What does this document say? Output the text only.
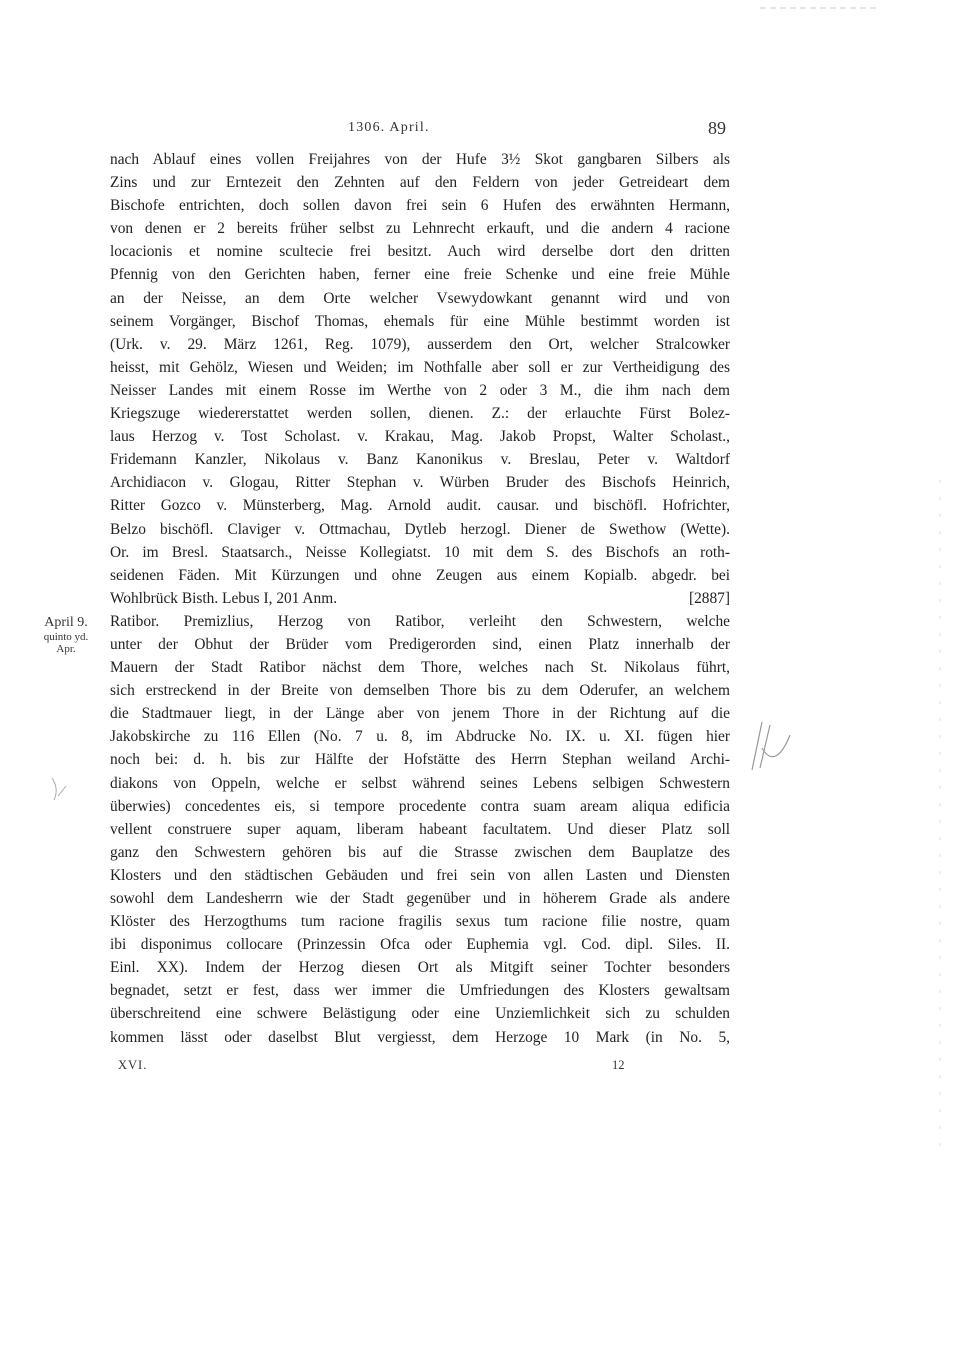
1306. April.	89
April 9.
quinto yd.
Apr.
nach Ablauf eines vollen Freijahres von der Hufe 3½ Skot gangbaren Silbers als
Zins und zur Erntezeit den Zehnten auf den Feldern von jeder Getreideart dem
Bischofe entrichten, doch sollen davon frei sein 6 Hufen des erwähnten Hermann,
von denen er 2 bereits früher selbst zu Lehnrecht erkauft, und die andern 4 racione
locacionis et nomine scultecie frei besitzt. Auch wird derselbe dort den dritten
Pfennig von den Gerichten haben, ferner eine freie Schenke und eine freie Mühle
an der Neisse, an dem Orte welcher Vsewydowkant genannt wird und von
seinem Vorgänger, Bischof Thomas, ehemals für eine Mühle bestimmt worden ist
(Urk. v. 29. März 1261, Reg. 1079), ausserdem den Ort, welcher Stralcowker
heisst, mit Gehölz, Wiesen und Weiden; im Nothfalle aber soll er zur Vertheidigung des
Neisser Landes mit einem Rosse im Werthe von 2 oder 3 M., die ihm nach dem
Kriegszuge wiedererstattet werden sollen, dienen. Z.: der erlauchte Fürst Bolez-
laus Herzog v. Tost Scholast. v. Krakau, Mag. Jakob Propst, Walter Scholast.,
Fridemann Kanzler, Nikolaus v. Banz Kanonikus v. Breslau, Peter v. Waltdorf
Archidiacon v. Glogau, Ritter Stephan v. Würben Bruder des Bischofs Heinrich,
Ritter Gozco v. Münsterberg, Mag. Arnold audit. causar. und bischöfl. Hofrichter,
Belzo bischöfl. Claviger v. Ottmachau, Dytleb herzogl. Diener de Swethow (Wette).
Or. im Bresl. Staatsarch., Neisse Kollegiatst. 10 mit dem S. des Bischofs an roth-
seidenen Fäden. Mit Kürzungen und ohne Zeugen aus einem Kopialb. abgedr. bei
Wohlbrück Bisth. Lebus I, 201 Anm.	[2887]
Ratibor. Premizlius, Herzog von Ratibor, verleiht den Schwestern, welche
unter der Obhut der Brüder vom Predigerorden sind, einen Platz innerhalb der
Mauern der Stadt Ratibor nächst dem Thore, welches nach St. Nikolaus führt,
sich erstreckend in der Breite von demselben Thore bis zu dem Oderufer, an welchem
die Stadtmauer liegt, in der Länge aber von jenem Thore in der Richtung auf die
Jakobskirche zu 116 Ellen (No. 7 u. 8, im Abdrucke No. IX. u. XI. fügen hier
noch bei: d. h. bis zur Hälfte der Hofstätte des Herrn Stephan weiland Archi-
diakons von Oppeln, welche er selbst während seines Lebens selbigen Schwestern
überwies) concedentes eis, si tempore procedente contra suam aream aliqua edificia
vellent construere super aquam, liberam habeant facultatem. Und dieser Platz soll
ganz den Schwestern gehören bis auf die Strasse zwischen dem Bauplatze des
Klosters und den städtischen Gebäuden und frei sein von allen Lasten und Diensten
sowohl dem Landesherrn wie der Stadt gegenüber und in höherem Grade als andere
Klöster des Herzogthums tum racione fragilis sexus tum racione filie nostre, quam
ibi disponimus collocare (Prinzessin Ofca oder Euphemia vgl. Cod. dipl. Siles. II.
Einl. XX). Indem der Herzog diesen Ort als Mitgift seiner Tochter besonders
begnadet, setzt er fest, dass wer immer die Umfriedungen des Klosters gewaltsam
überschreitend eine schwere Belästigung oder eine Unziemlichkeit sich zu schulden
kommen lässt oder daselbst Blut vergiesst, dem Herzoge 10 Mark (in No. 5,
XVI.	12
